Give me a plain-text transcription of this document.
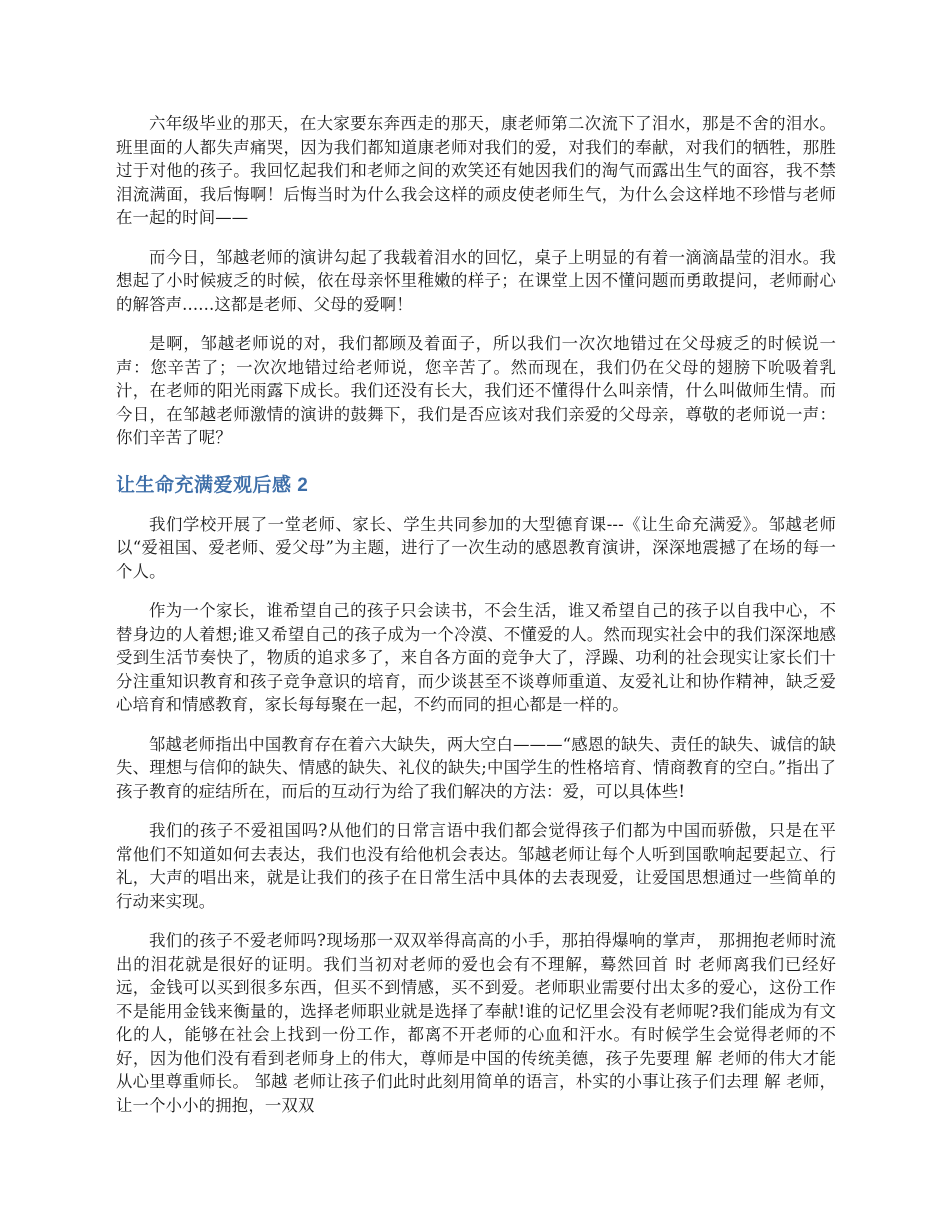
六年级毕业的那天，在大家要东奔西走的那天，康老师第二次流下了泪水，那是不舍的泪水。班里面的人都失声痛哭，因为我们都知道康老师对我们的爱，对我们的奉献，对我们的牺牲，那胜过于对他的孩子。我回忆起我们和老师之间的欢笑还有她因我们的淘气而露出生气的面容，我不禁泪流满面，我后悔啊！后悔当时为什么我会这样的顽皮使老师生气，为什么会这样地不珍惜与老师在一起的时间——

而今日，邹越老师的演讲勾起了我载着泪水的回忆，桌子上明显的有着一滴滴晶莹的泪水。我想起了小时候疲乏的时候，依在母亲怀里稚嫩的样子；在课堂上因不懂问题而勇敢提问，老师耐心的解答声......这都是老师、父母的爱啊！

是啊，邹越老师说的对，我们都顾及着面子，所以我们一次次地错过在父母疲乏的时候说一声：您辛苦了；一次次地错过给老师说，您辛苦了。然而现在，我们仍在父母的翅膀下吮吸着乳汁，在老师的阳光雨露下成长。我们还没有长大，我们还不懂得什么叫亲情，什么叫做师生情。而今日，在邹越老师激情的演讲的鼓舞下，我们是否应该对我们亲爱的父母亲，尊敬的老师说一声：你们辛苦了呢？

让生命充满爱观后感 2

我们学校开展了一堂老师、家长、学生共同参加的大型德育课---《让生命充满爱》。邹越老师以“爱祖国、爱老师、爱父母”为主题，进行了一次生动的感恩教育演讲，深深地震撼了在场的每一个人。

作为一个家长，谁希望自己的孩子只会读书，不会生活，谁又希望自己的孩子以自我中心，不替身边的人着想;谁又希望自己的孩子成为一个冷漠、不懂爱的人。然而现实社会中的我们深深地感受到生活节奏快了，物质的追求多了，来自各方面的竞争大了，浮躁、功利的社会现实让家长们十分注重知识教育和孩子竞争意识的培育，而少谈甚至不谈尊师重道、友爱礼让和协作精神，缺乏爱心培育和情感教育，家长每每聚在一起，不约而同的担心都是一样的。

邹越老师指出中国教育存在着六大缺失，两大空白———“感恩的缺失、责任的缺失、诚信的缺失、理想与信仰的缺失、情感的缺失、礼仪的缺失;中国学生的性格培育、情商教育的空白。”指出了孩子教育的症结所在，而后的互动行为给了我们解决的方法：爱，可以具体些!

我们的孩子不爱祖国吗?从他们的日常言语中我们都会觉得孩子们都为中国而骄傲，只是在平常他们不知道如何去表达，我们也没有给他机会表达。邹越老师让每个人听到国歌响起要起立、行礼，大声的唱出来，就是让我们的孩子在日常生活中具体的去表现爱，让爱国思想通过一些简单的行动来实现。

我们的孩子不爱老师吗?现场那一双双举得高高的小手，那拍得爆响的掌声， 那拥抱老师时流出的泪花就是很好的证明。我们当初对老师的爱也会有不理解，蓦然回首 时 老师离我们已经好远，金钱可以买到很多东西，但买不到情感，买不到爱。老师职业需要付出太多的爱心，这份工作不是能用金钱来衡量的，选择老师职业就是选择了奉献!谁的记忆里会没有老师呢?我们能成为有文化的人，能够在社会上找到一份工作，都离不开老师的心血和汗水。有时候学生会觉得老师的不好，因为他们没有看到老师身上的伟大，尊师是中国的传统美德，孩子先要理 解 老师的伟大才能从心里尊重师长。 邹越 老师让孩子们此时此刻用简单的语言，朴实的小事让孩子们去理 解 老师，让一个小小的拥抱，一双双
